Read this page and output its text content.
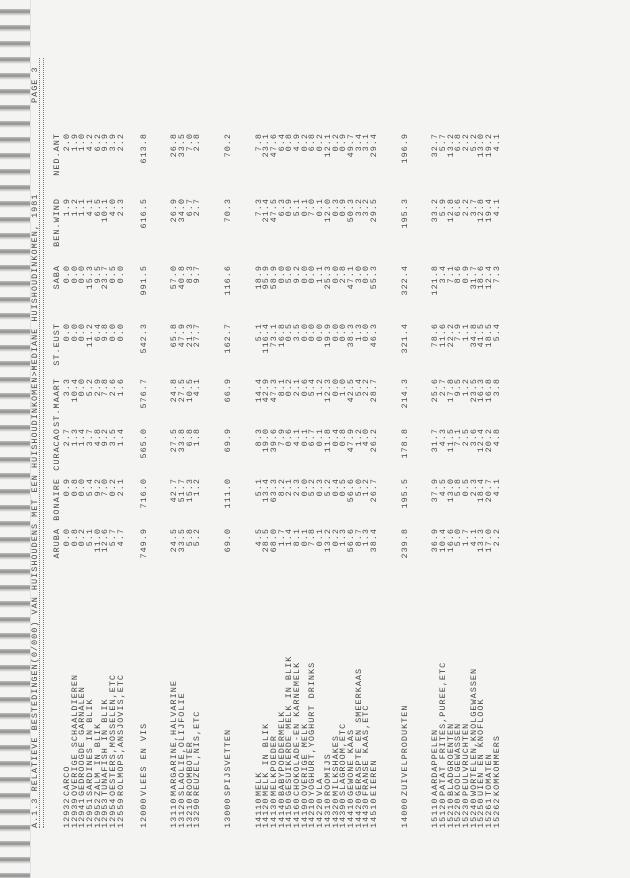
A.1.3 RELATIEVE BESTEDINGEN(0/000) VAN HUISHOUDENS MET EEN HUISHOUDINKOMEN>MEDIANE HUISHOUDINKOMEN, 1981
PAGE 3
ARUBA
BONAIRE
CURACAO
ST.MAART
ST.EUST
SABA
BEN.WIND
NED.ANT
12932
CARCO
0.0
0.9
2.7
3.3
0.0
0.0
1.9
2.0
12939
OVERIGE SCHAALDIEREN
0.8
0.8
1.3
10.4
0.0
0.0
1.2
1.9
12941
GEDROOGDE GARNALEN
0.2
0.0
1.4
0.0
0.0
0.0
1.1
1.0
12951
SARDINES IN BLIK
5.1
5.4
3.7
5.2
11.2
15.3
4.1
4.2
12952
ZALM IN BLIK
11.0
9.2
4.8
2.9
6.4
9.5
6.5
6.2
12953
TUNAFISH IN BLIK
12.6
7.0
9.2
7.8
9.8
23.7
10.1
9.9
12954
OESTERS,MOSSELEN,ETC
5.7
0.2
3.5
2.6
0.0
0.5
4.0
3.9
12559
ROLMOPS,ANSJOVIS,ETC
4.7
2.1
1.4
1.6
0.0
0.0
2.3
2.2
12000
VLEES EN VIS
749.9
716.0
565.0
576.7
542.3
991.5
616.5
613.8
13110
MARGARINE,HALVARINE
24.5
42.7
27.5
24.8
65.8
57.0
26.9
26.8
13120
SLAOLIE,OLIJFOLIE
33.5
51.7
33.8
27.5
47.9
40.8
34.0
33.5
13210
ROOMBOTER
5.8
15.3
6.8
10.5
21.3
8.3
6.7
7.0
13290
REUZEL,NIS,ETC
5.2
1.2
1.8
4.1
27.7
9.7
2.7
2.8
13000
SPIJSVETTEN
69.0
111.0
69.9
66.9
162.7
116.6
70.3
70.2
14110
MELK
4.5
5.1
8.3
14.4
5.1
18.9
7.3
7.8
14120
MELK IN BLIK
28.5
13.4
19.0
42.9
116.4
95.9
21.4
23.1
14130
MELKPOEDER
68.0
63.3
39.6
47.3
73.1
58.9
47.5
47.6
14140
BABYPOEDERMELK
1.7
8.2
7.9
8.1
16.8
0.0
6.3
6.4
14150
GESUIKERDE MELK IN BLIK
1.4
2.1
0.6
0.2
0.5
5.0
0.9
0.8
14160
CHOKOLADE-EN KARNEMELK
8.1
2.3
4.1
2.1
3.5
9.2
5.1
4.9
14190
OVERIGE MELK
0.1
0.0
0.1
0.6
0.0
0.0
0.1
0.2
14210
YOGHURT,YOGHURT DRINKS
7.8
5.2
6.7
5.4
0.0
0.0
7.0
6.8
14220
VLA
0.1
0.3
0.1
1.2
0.0
1.1
0.1
0.2
14310
ROOMIJS
13.2
5.2
11.8
12.3
19.9
25.3
12.0
12.1
14320
MILKSHAKES
0.2
0.4
0.4
0.0
0.0
0.0
0.3
0.2
14390
SLAGROOM,ETC
1.3
0.5
0.8
1.0
0.0
2.8
0.9
0.9
14410
GEWONE KAAS
56.6
56.6
47.9
42.5
38.3
47.1
50.3
49.7
14420
GERASPTE EN SMEERKAAS
8.7
5.0
1.2
5.4
1.3
3.0
3.2
3.4
14430
FRANSE KAAS,ETC
1.3
1.2
4.0
2.2
0.0
0.0
3.2
3.1
14510
EIEREN
38.4
26.7
26.2
28.7
46.3
55.3
29.5
29.4
14000
ZUIVELPRODUKTEN
239.8
195.5
178.8
214.3
321.4
322.4
195.3
196.9
15110
AARDAPPELEN
36.9
37.9
31.7
25.6
78.6
121.8
33.2
32.7
15120
PATAT FRITES,PUREE,ETC
10.4
4.5
4.3
2.7
11.6
3.4
5.9
5.7
15210
BLADGROENTEN
16.6
13.0
11.5
17.8
22.2
7.1
12.8
13.2
15220
KOOLGEWASSEN
5.0
5.8
7.1
9.5
7.9
8.6
6.6
6.8
15230
PEULVRUCHTEN
1.7
0.5
2.5
1.2
1.1
0.9
2.2
2.2
15240
WORTELEN,KNOLGEWASSEN
4.1
2.3
3.6
23.5
34.8
31.7
3.7
5.2
15250
UIEN EN KNOFLOOK
13.3
18.4
12.4
16.3
41.5
18.6
12.8
13.0
15261
TOMATEN
17.0
20.7
20.2
16.8
18.5
12.4
19.4
19.2
15262
KOMKOMMERS
2.2
4.1
4.8
3.8
5.4
7.3
4.1
4.1
